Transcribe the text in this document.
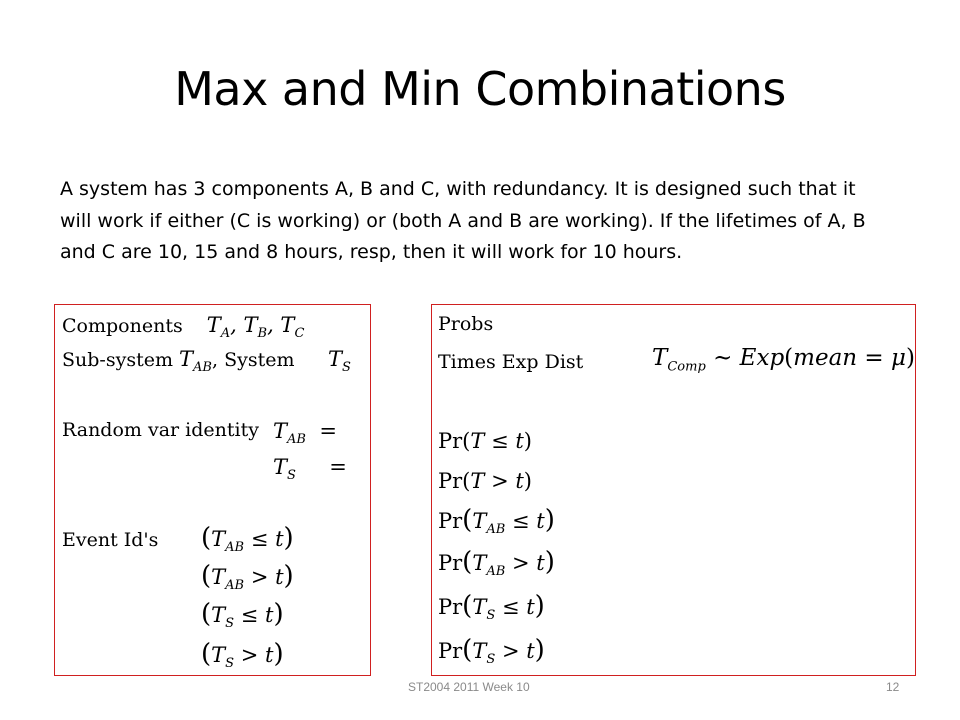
Max and Min Combinations
A system has 3 components A, B and C, with redundancy. It is designed such that it will work if either (C is working) or (both A and B are working). If the lifetimes of A, B and C are 10, 15 and 8 hours, resp, then it will work for 10 hours.
Components $T_A$, $T_B$, $T_C$
Sub-system $T_{AB}$, System $T_S$
Random var identity $T_{AB}$  =
$T_S$     =
Event Id's $(T_{AB} \le t)$
$(T_{AB} > t)$
$(T_S \le t)$
$(T_S > t)$
Probs
Times Exp Dist	$T_{Comp}$ ~ Exp(mean = μ)
Pr(T ≤ t)
Pr(T > t)
$Pr(T_{AB} \le t)$
$Pr(T_{AB} > t)$
$Pr(T_S \le t)$
$Pr(T_S > t)$
ST2004 2011 Week 10	12
